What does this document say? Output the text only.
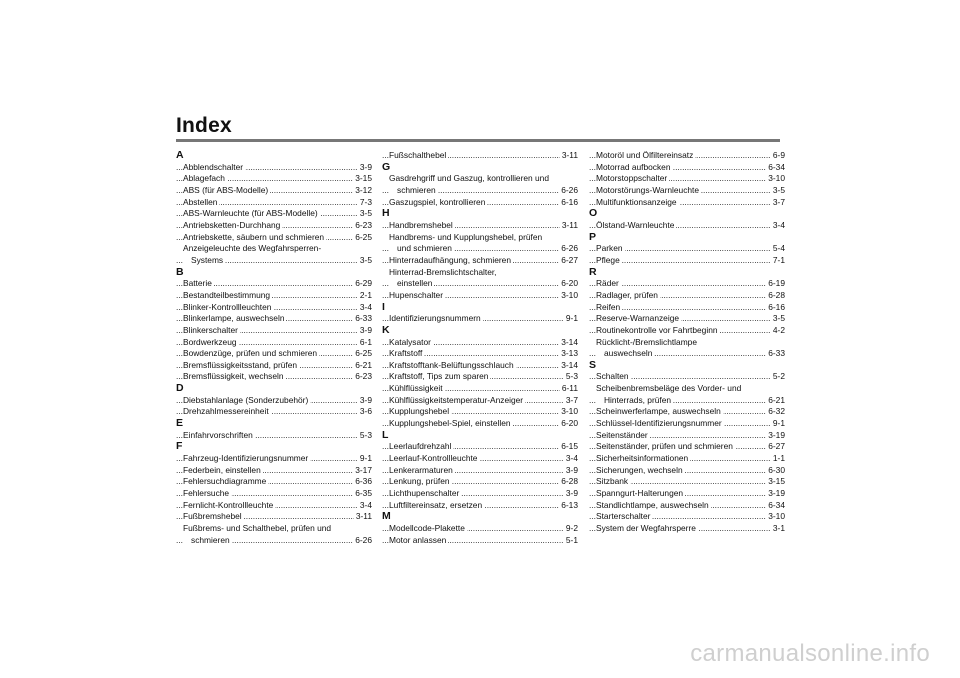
Index
A
Abblendschalter	3-9
.....
Ablagefach	3-15
.....
ABS (für ABS-Modelle)	3-12
.....
Abstellen	7-3
.....
ABS-Warnleuchte (für ABS-Modelle)	3-5
.....
Antriebsketten-Durchhang	6-23
.....
Antriebskette, säubern und schmieren	6-25
.....
Anzeigeleuchte des Wegfahrsperren-
Systems	3-5
.....
B
Batterie	6-29
.....
Bestandteilbestimmung	2-1
.....
Blinker-Kontrollleuchten	3-4
.....
Blinkerlampe, auswechseln	6-33
.....
Blinkerschalter	3-9
.....
Bordwerkzeug	6-1
.....
Bowdenzüge, prüfen und schmieren	6-25
.....
Bremsflüssigkeitsstand, prüfen	6-21
.....
Bremsflüssigkeit, wechseln	6-23
.....
D
Diebstahlanlage (Sonderzubehör)	3-9
.....
Drehzahlmessereinheit	3-6
.....
E
Einfahrvorschriften	5-3
.....
F
Fahrzeug-Identifizierungsnummer	9-1
.....
Federbein, einstellen	3-17
.....
Fehlersuchdiagramme	6-36
.....
Fehlersuche	6-35
.....
Fernlicht-Kontrollleuchte	3-4
.....
Fußbremshebel	3-11
.....
Fußbrems- und Schalthebel, prüfen und
schmieren	6-26
.....
Fußschalthebel	3-11
.....
G
Gasdrehgriff und Gaszug, kontrollieren und
schmieren	6-26
.....
Gaszugspiel, kontrollieren	6-16
.....
H
Handbremshebel	3-11
.....
Handbrems- und Kupplungshebel, prüfen
und schmieren	6-26
.....
Hinterradaufhängung, schmieren	6-27
.....
Hinterrad-Bremslichtschalter,
einstellen	6-20
.....
Hupenschalter	3-10
.....
I
Identifizierungsnummern	9-1
.....
K
Katalysator	3-14
.....
Kraftstoff	3-13
.....
Kraftstofftank-Belüftungsschlauch	3-14
.....
Kraftstoff, Tips zum sparen	5-3
.....
Kühlflüssigkeit	6-11
.....
Kühlflüssigkeitstemperatur-Anzeiger	3-7
.....
Kupplungshebel	3-10
.....
Kupplungshebel-Spiel, einstellen	6-20
.....
L
Leerlaufdrehzahl	6-15
.....
Leerlauf-Kontrollleuchte	3-4
.....
Lenkerarmaturen	3-9
.....
Lenkung, prüfen	6-28
.....
Lichthupenschalter	3-9
.....
Luftfiltereinsatz, ersetzen	6-13
.....
M
Modellcode-Plakette	9-2
.....
Motor anlassen	5-1
.....
Motoröl und Ölfiltereinsatz	6-9
.....
Motorrad aufbocken	6-34
.....
Motorstoppschalter	3-10
.....
Motorstörungs-Warnleuchte	3-5
.....
Multifunktionsanzeige	3-7
.....
O
Ölstand-Warnleuchte	3-4
.....
P
Parken	5-4
.....
Pflege	7-1
.....
R
Räder	6-19
.....
Radlager, prüfen	6-28
.....
Reifen	6-16
.....
Reserve-Warnanzeige	3-5
.....
Routinekontrolle vor Fahrtbeginn	4-2
.....
Rücklicht-/Bremslichtlampe
auswechseln	6-33
.....
S
Schalten	5-2
.....
Scheibenbremsbeläge des Vorder- und
Hinterrads, prüfen	6-21
.....
Scheinwerferlampe, auswechseln	6-32
.....
Schlüssel-Identifizierungsnummer	9-1
.....
Seitenständer	3-19
.....
Seitenständer, prüfen und schmieren	6-27
.....
Sicherheitsinformationen	1-1
.....
Sicherungen, wechseln	6-30
.....
Sitzbank	3-15
.....
Spanngurt-Halterungen	3-19
.....
Standlichtlampe, auswechseln	6-34
.....
Starterschalter	3-10
.....
System der Wegfahrsperre	3-1
.....
carmanualsonline.info
